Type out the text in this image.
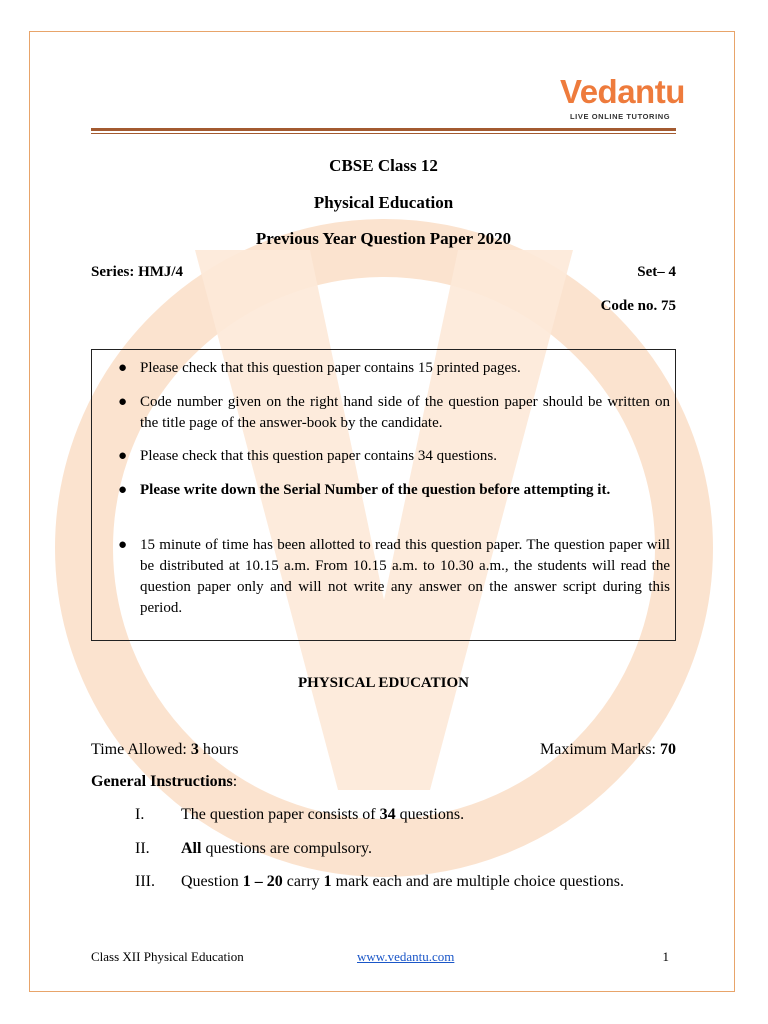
Vedantu
LIVE ONLINE TUTORING
CBSE Class 12
Physical Education
Previous Year Question Paper 2020
Series: HMJ/4	Set– 4
Code no. 75
● Please check that this question paper contains 15 printed pages.
● Code number given on the right hand side of the question paper should be written on the title page of the answer-book by the candidate.
● Please check that this question paper contains 34 questions.
● Please write down the Serial Number of the question before attempting it.
● 15 minute of time has been allotted to read this question paper. The question paper will be distributed at 10.15 a.m. From 10.15 a.m. to 10.30 a.m., the students will read the question paper only and will not write any answer on the answer script during this period.
PHYSICAL EDUCATION
Time Allowed: 3 hours	Maximum Marks: 70
General Instructions:
I.	The question paper consists of 34 questions.
II.	All questions are compulsory.
III.	Question 1 – 20 carry 1 mark each and are multiple choice questions.
Class XII Physical Education	www.vedantu.com	1
